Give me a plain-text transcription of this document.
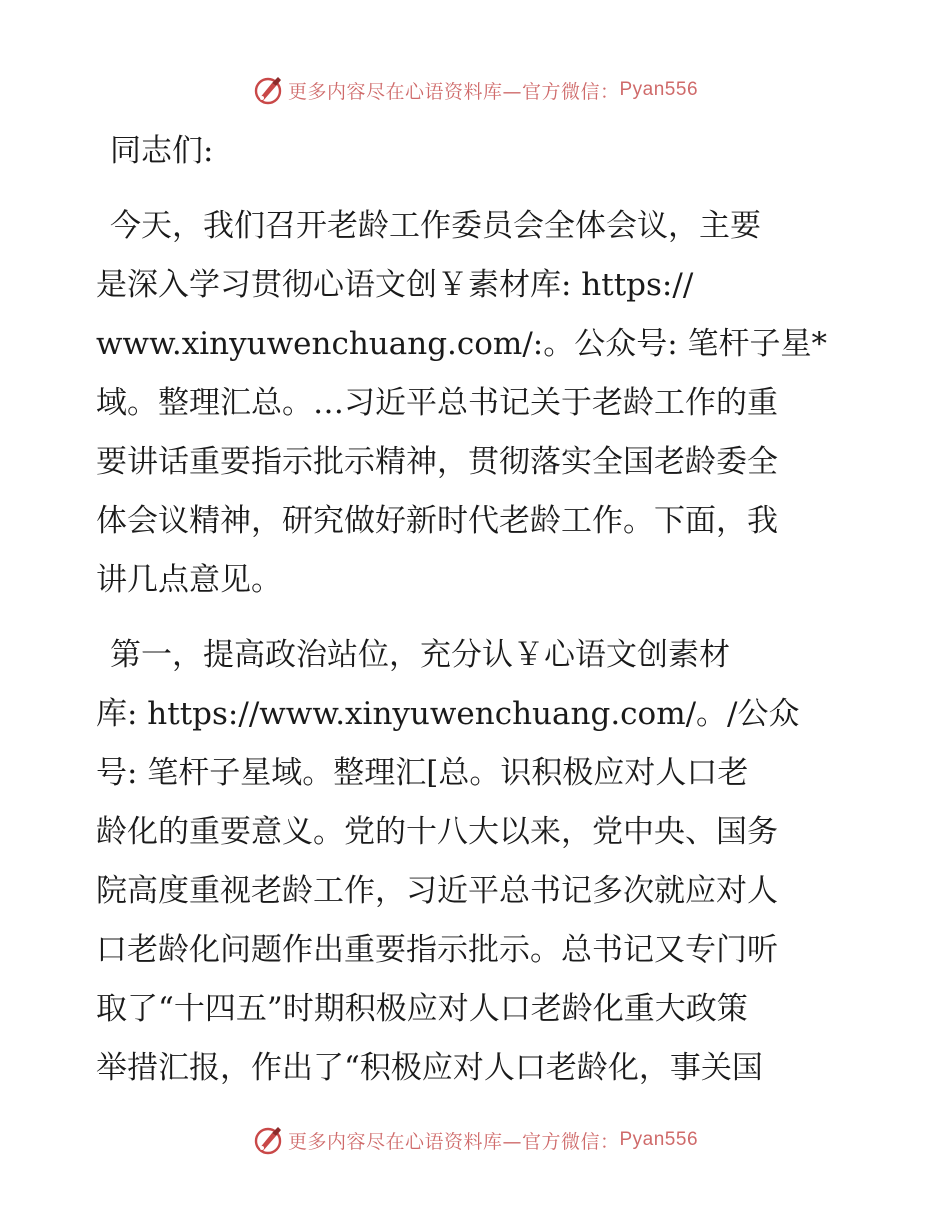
更多内容尽在心语资料库—官方微信： Pyan556
同志们:
今天，我们召开老龄工作委员会全体会议，主要
是深入学习贯彻心语文创￥素材库: https://
www.xinyuwenchuang.com/:。公众号: 笔杆子星*
域。整理汇总。…习近平总书记关于老龄工作的重
要讲话重要指示批示精神，贯彻落实全国老龄委全
体会议精神，研究做好新时代老龄工作。下面，我
讲几点意见。
第一，提高政治站位，充分认￥心语文创素材
库: https://www.xinyuwenchuang.com/。/公众
号: 笔杆子星域。整理汇[总。识积极应对人口老
龄化的重要意义。党的十八大以来，党中央、国务
院高度重视老龄工作，习近平总书记多次就应对人
口老龄化问题作出重要指示批示。总书记又专门听
取了“十四五”时期积极应对人口老龄化重大政策
举措汇报，作出了“积极应对人口老龄化，事关国
更多内容尽在心语资料库—官方微信： Pyan556
